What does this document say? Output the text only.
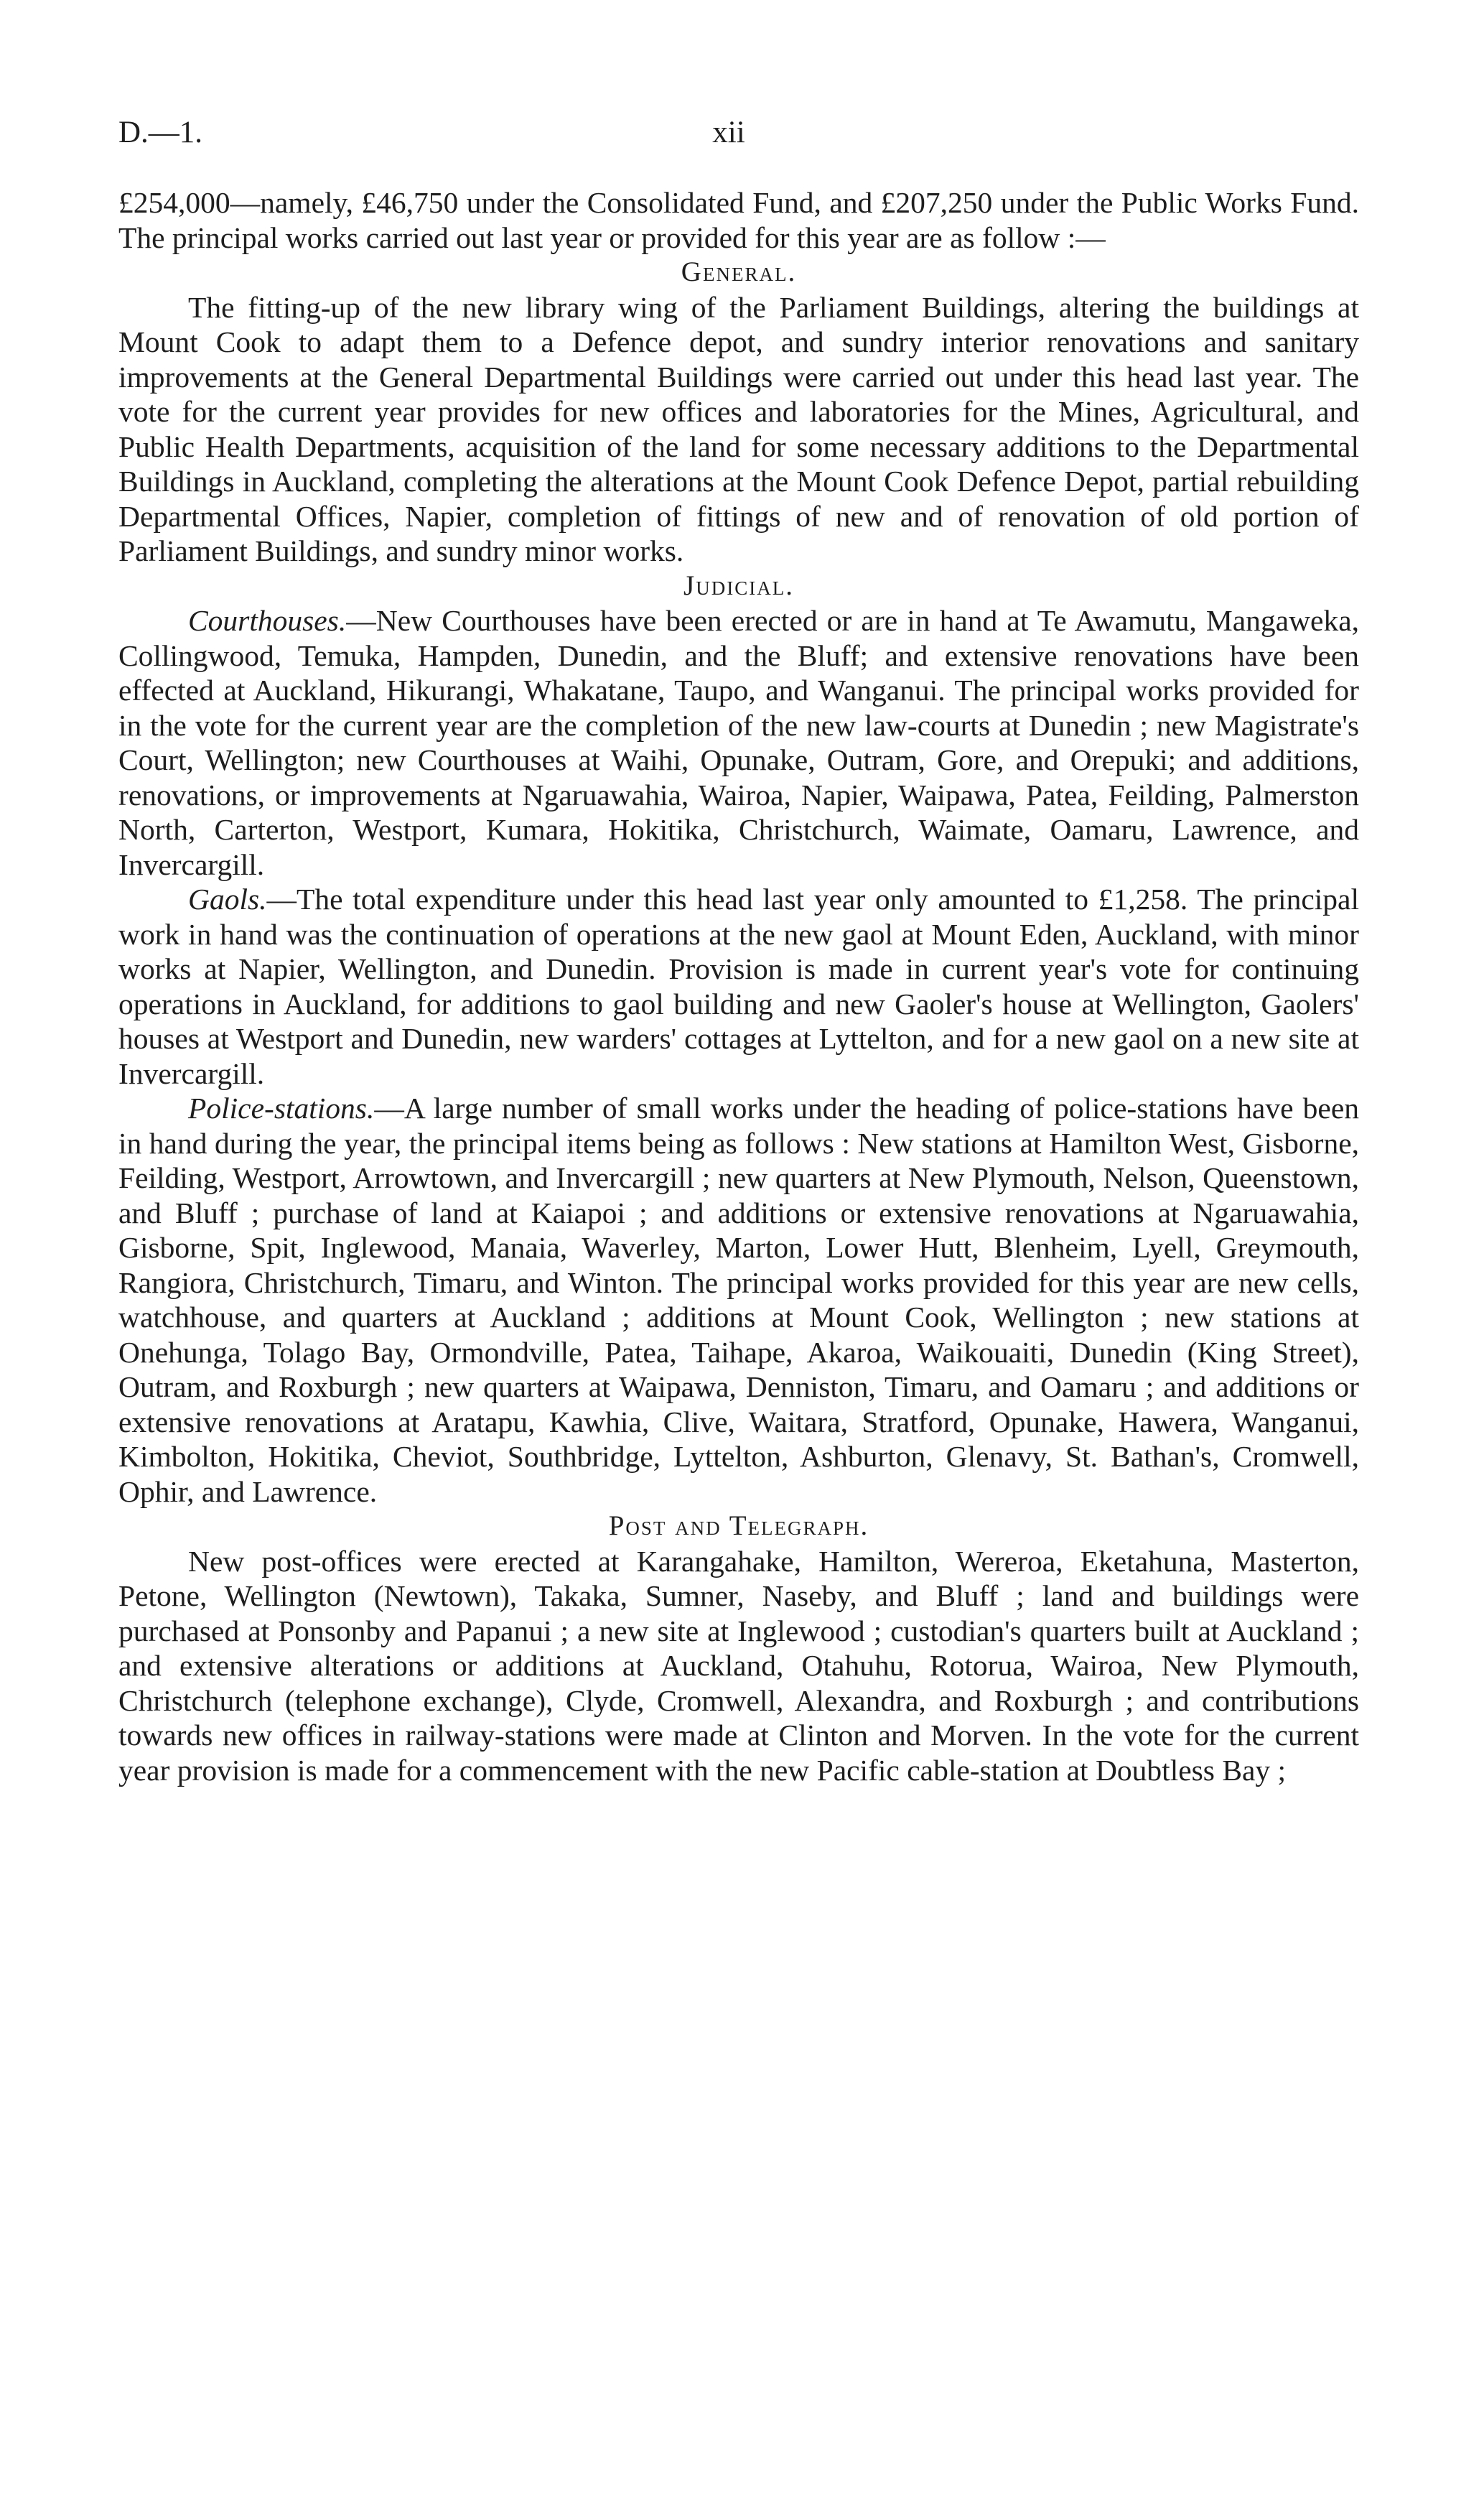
D.—1.	xii

£254,000—namely, £46,750 under the Consolidated Fund, and £207,250 under the Public Works Fund. The principal works carried out last year or provided for this year are as follow :—

General.

The fitting-up of the new library wing of the Parliament Buildings, altering the buildings at Mount Cook to adapt them to a Defence depot, and sundry interior renovations and sanitary improvements at the General Departmental Buildings were carried out under this head last year. The vote for the current year provides for new offices and laboratories for the Mines, Agricultural, and Public Health Departments, acquisition of the land for some necessary additions to the Departmental Buildings in Auckland, completing the alterations at the Mount Cook Defence Depot, partial rebuilding Departmental Offices, Napier, completion of fittings of new and of renovation of old portion of Parliament Buildings, and sundry minor works.

Judicial.

Courthouses.—New Courthouses have been erected or are in hand at Te Awamutu, Mangaweka, Collingwood, Temuka, Hampden, Dunedin, and the Bluff; and extensive renovations have been effected at Auckland, Hikurangi, Whakatane, Taupo, and Wanganui. The principal works provided for in the vote for the current year are the completion of the new law-courts at Dunedin ; new Magistrate's Court, Wellington; new Courthouses at Waihi, Opunake, Outram, Gore, and Orepuki; and additions, renovations, or improvements at Ngaruawahia, Wairoa, Napier, Waipawa, Patea, Feilding, Palmerston North, Carterton, Westport, Kumara, Hokitika, Christchurch, Waimate, Oamaru, Lawrence, and Invercargill.

Gaols.—The total expenditure under this head last year only amounted to £1,258. The principal work in hand was the continuation of operations at the new gaol at Mount Eden, Auckland, with minor works at Napier, Wellington, and Dunedin. Provision is made in current year's vote for continuing operations in Auckland, for additions to gaol building and new Gaoler's house at Wellington, Gaolers' houses at Westport and Dunedin, new warders' cottages at Lyttelton, and for a new gaol on a new site at Invercargill.

Police-stations.—A large number of small works under the heading of police-stations have been in hand during the year, the principal items being as follows : New stations at Hamilton West, Gisborne, Feilding, Westport, Arrowtown, and Invercargill ; new quarters at New Plymouth, Nelson, Queenstown, and Bluff ; purchase of land at Kaiapoi ; and additions or extensive renovations at Ngaruawahia, Gisborne, Spit, Inglewood, Manaia, Waverley, Marton, Lower Hutt, Blenheim, Lyell, Greymouth, Rangiora, Christchurch, Timaru, and Winton. The principal works provided for this year are new cells, watchhouse, and quarters at Auckland ; additions at Mount Cook, Wellington ; new stations at Onehunga, Tolago Bay, Ormondville, Patea, Taihape, Akaroa, Waikouaiti, Dunedin (King Street), Outram, and Roxburgh ; new quarters at Waipawa, Denniston, Timaru, and Oamaru ; and additions or extensive renovations at Aratapu, Kawhia, Clive, Waitara, Stratford, Opunake, Hawera, Wanganui, Kimbolton, Hokitika, Cheviot, Southbridge, Lyttelton, Ashburton, Glenavy, St. Bathan's, Cromwell, Ophir, and Lawrence.

Post and Telegraph.

New post-offices were erected at Karangahake, Hamilton, Wereroa, Eketahuna, Masterton, Petone, Wellington (Newtown), Takaka, Sumner, Naseby, and Bluff ; land and buildings were purchased at Ponsonby and Papanui ; a new site at Inglewood ; custodian's quarters built at Auckland ; and extensive alterations or additions at Auckland, Otahuhu, Rotorua, Wairoa, New Plymouth, Christchurch (telephone exchange), Clyde, Cromwell, Alexandra, and Roxburgh ; and contributions towards new offices in railway-stations were made at Clinton and Morven. In the vote for the current year provision is made for a commencement with the new Pacific cable-station at Doubtless Bay ;
